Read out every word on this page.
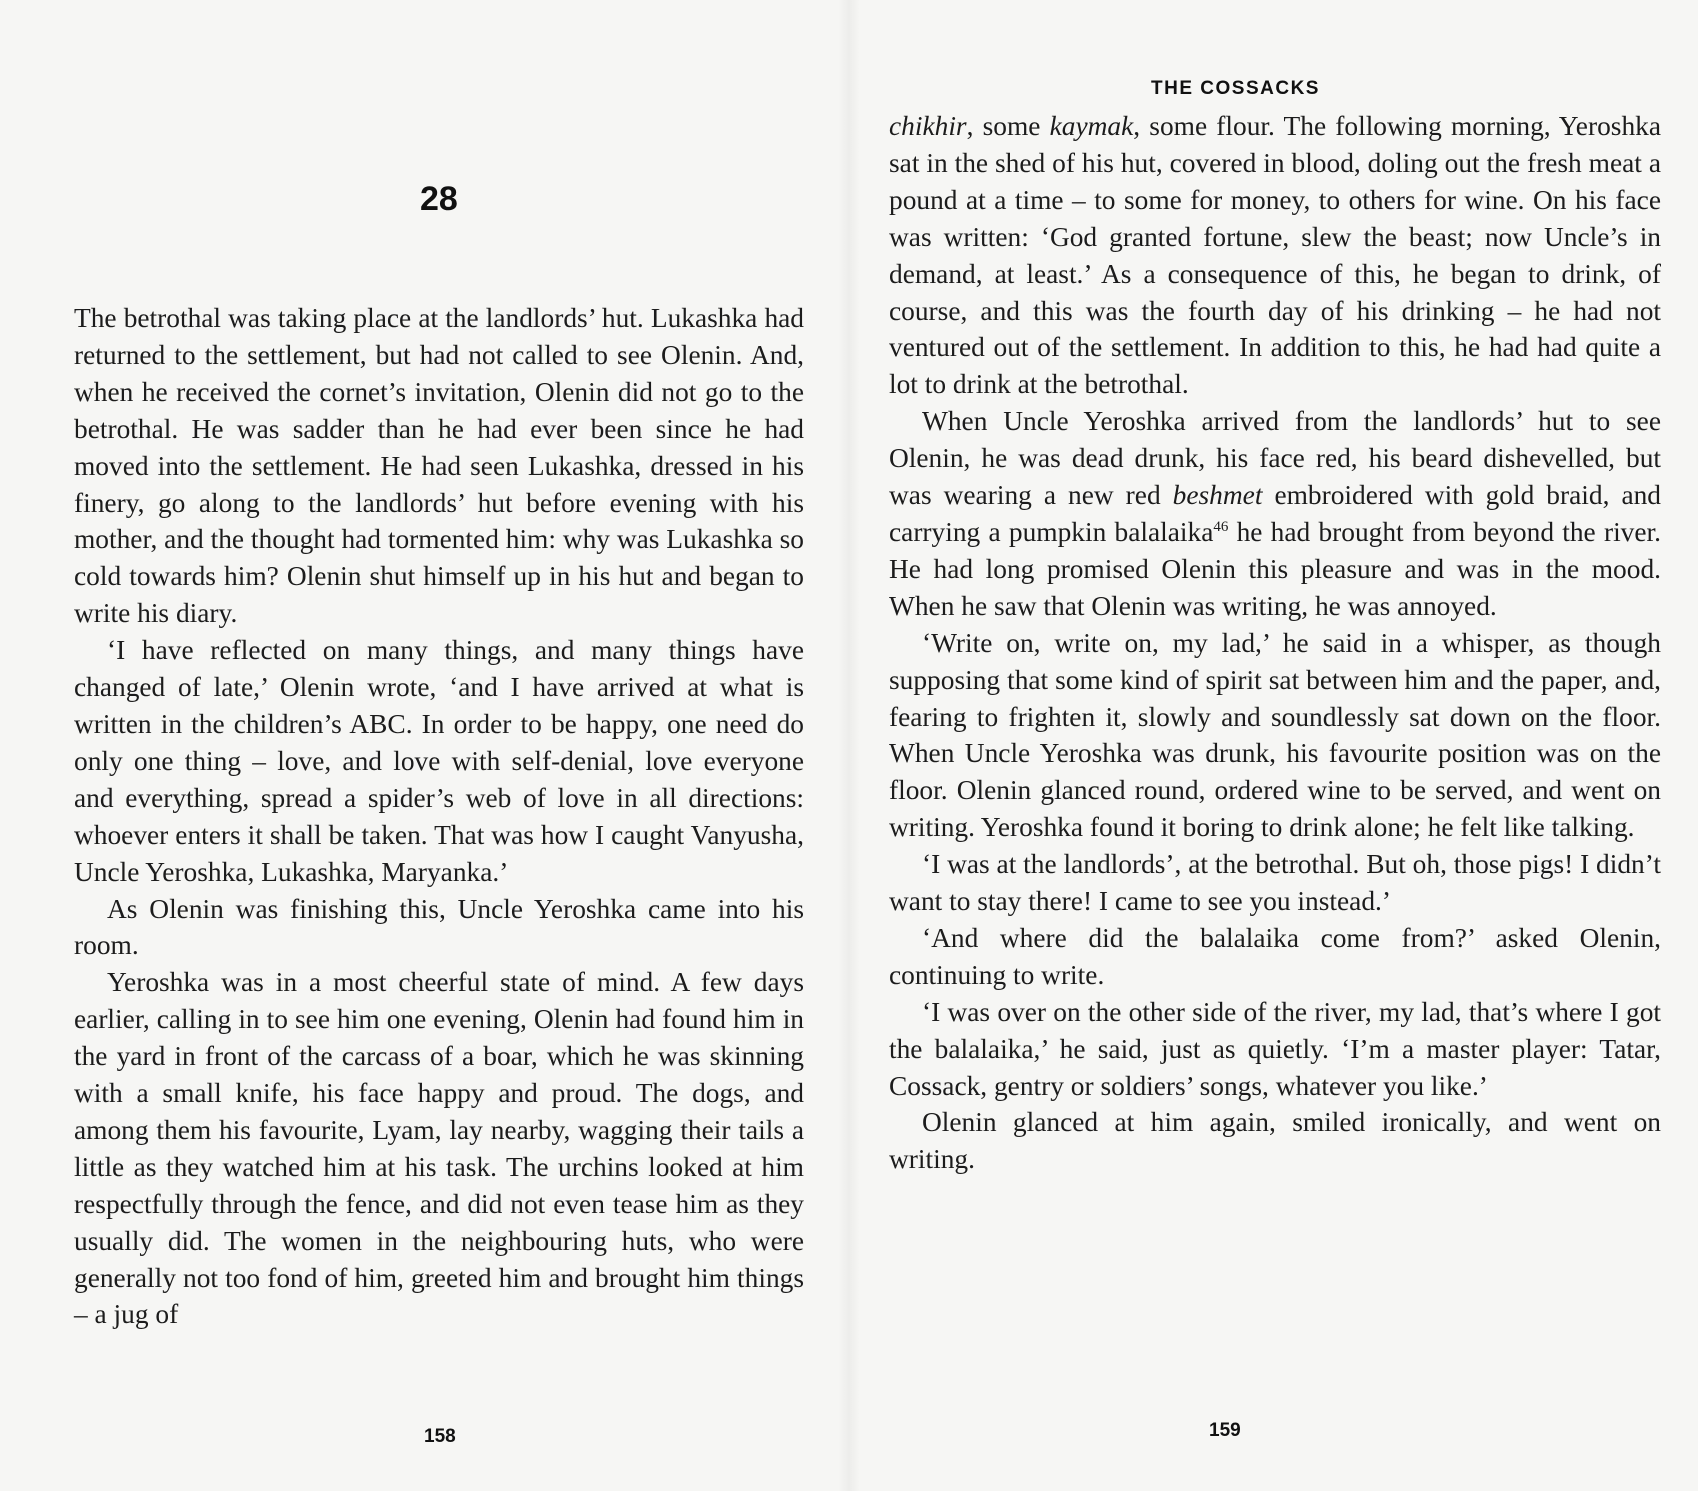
28

The betrothal was taking place at the landlords’ hut. Lukashka had returned to the settlement, but had not called to see Olenin. And, when he received the cornet’s invitation, Olenin did not go to the betrothal. He was sadder than he had ever been since he had moved into the settlement. He had seen Lukashka, dressed in his finery, go along to the landlords’ hut before evening with his mother, and the thought had tormented him: why was Lukashka so cold towards him? Olenin shut himself up in his hut and began to write his diary.

‘I have reflected on many things, and many things have changed of late,’ Olenin wrote, ‘and I have arrived at what is written in the children’s ABC. In order to be happy, one need do only one thing – love, and love with self-denial, love everyone and everything, spread a spider’s web of love in all directions: whoever enters it shall be taken. That was how I caught Vanyusha, Uncle Yeroshka, Lukashka, Maryanka.’

As Olenin was finishing this, Uncle Yeroshka came into his room.

Yeroshka was in a most cheerful state of mind. A few days earlier, calling in to see him one evening, Olenin had found him in the yard in front of the carcass of a boar, which he was skinning with a small knife, his face happy and proud. The dogs, and among them his favourite, Lyam, lay nearby, wagging their tails a little as they watched him at his task. The urchins looked at him respectfully through the fence, and did not even tease him as they usually did. The women in the neighbouring huts, who were generally not too fond of him, greeted him and brought him things – a jug of

158
THE COSSACKS

chikhir, some kaymak, some flour. The following morning, Yeroshka sat in the shed of his hut, covered in blood, doling out the fresh meat a pound at a time – to some for money, to others for wine. On his face was written: ‘God granted fortune, slew the beast; now Uncle’s in demand, at least.’ As a consequence of this, he began to drink, of course, and this was the fourth day of his drinking – he had not ventured out of the settlement. In addition to this, he had had quite a lot to drink at the betrothal.

When Uncle Yeroshka arrived from the landlords’ hut to see Olenin, he was dead drunk, his face red, his beard dishevelled, but was wearing a new red beshmet embroidered with gold braid, and carrying a pumpkin balalaika$^{46}$ he had brought from beyond the river. He had long promised Olenin this pleasure and was in the mood. When he saw that Olenin was writing, he was annoyed.

‘Write on, write on, my lad,’ he said in a whisper, as though supposing that some kind of spirit sat between him and the paper, and, fearing to frighten it, slowly and soundlessly sat down on the floor. When Uncle Yeroshka was drunk, his favourite position was on the floor. Olenin glanced round, ordered wine to be served, and went on writing. Yeroshka found it boring to drink alone; he felt like talking.

‘I was at the landlords’, at the betrothal. But oh, those pigs! I didn’t want to stay there! I came to see you instead.’

‘And where did the balalaika come from?’ asked Olenin, continuing to write.

‘I was over on the other side of the river, my lad, that’s where I got the balalaika,’ he said, just as quietly. ‘I’m a master player: Tatar, Cossack, gentry or soldiers’ songs, whatever you like.’

Olenin glanced at him again, smiled ironically, and went on writing.

159
